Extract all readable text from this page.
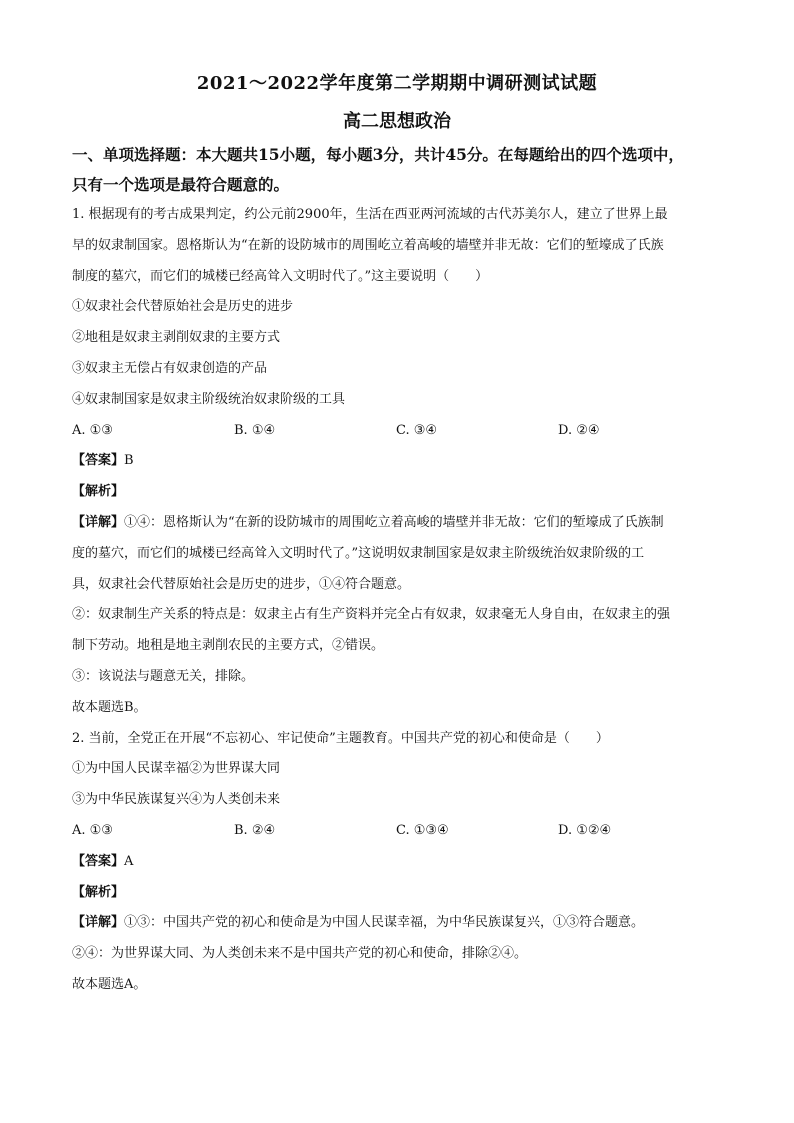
2021～2022学年度第二学期期中调研测试试题
高二思想政治
一、单项选择题：本大题共15小题，每小题3分，共计45分。在每题给出的四个选项中，
只有一个选项是最符合题意的。
1. 根据现有的考古成果判定，约公元前2900年，生活在西亚两河流域的古代苏美尔人，建立了世界上最
早的奴隶制国家。恩格斯认为“在新的设防城市的周围屹立着高峻的墙壁并非无故：它们的堑壕成了氏族
制度的墓穴，而它们的城楼已经高耸入文明时代了。”这主要说明（　　）
①奴隶社会代替原始社会是历史的进步
②地租是奴隶主剥削奴隶的主要方式
③奴隶主无偿占有奴隶创造的产品
④奴隶制国家是奴隶主阶级统治奴隶阶级的工具
A. ①③	B. ①④	C. ③④	D. ②④
【答案】B
【解析】
【详解】①④：恩格斯认为“在新的设防城市的周围屹立着高峻的墙壁并非无故：它们的堑壕成了氏族制
度的墓穴，而它们的城楼已经高耸入文明时代了。”这说明奴隶制国家是奴隶主阶级统治奴隶阶级的工
具，奴隶社会代替原始社会是历史的进步，①④符合题意。
②：奴隶制生产关系的特点是：奴隶主占有生产资料并完全占有奴隶，奴隶毫无人身自由，在奴隶主的强
制下劳动。地租是地主剥削农民的主要方式，②错误。
③：该说法与题意无关，排除。
故本题选B。
2. 当前，全党正在开展“不忘初心、牢记使命”主题教育。中国共产党的初心和使命是（　　）
①为中国人民谋幸福②为世界谋大同
③为中华民族谋复兴④为人类创未来
A. ①③	B. ②④	C. ①③④	D. ①②④
【答案】A
【解析】
【详解】①③：中国共产党的初心和使命是为中国人民谋幸福，为中华民族谋复兴，①③符合题意。
②④：为世界谋大同、为人类创未来不是中国共产党的初心和使命，排除②④。
故本题选A。
